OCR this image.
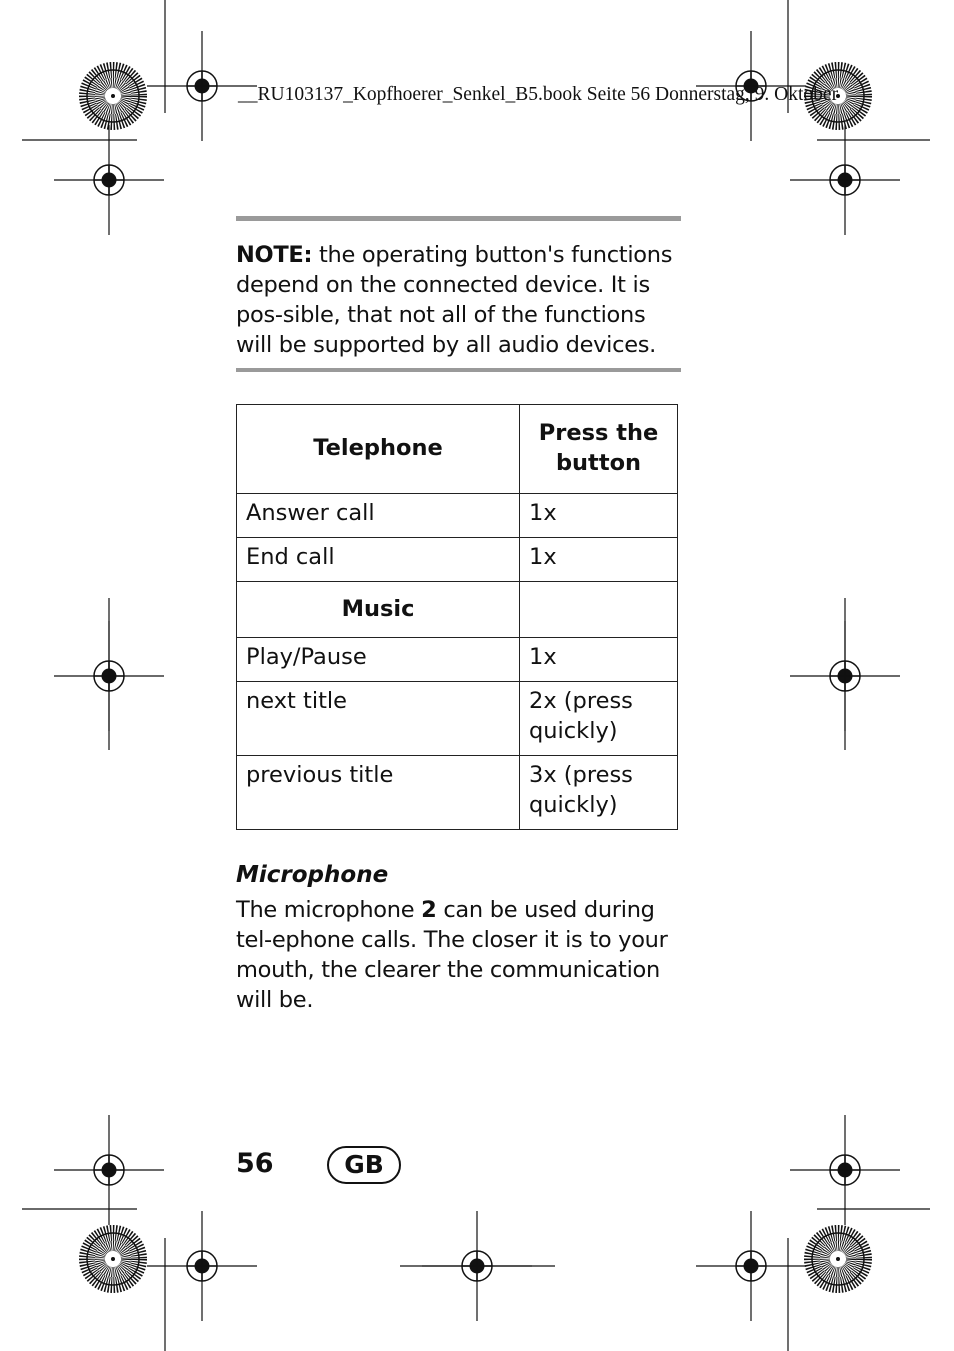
__RU103137_Kopfhoerer_Senkel_B5.book Seite 56 Donnerstag, 9. Oktober
NOTE: the operating button's functions depend on the connected device. It is pos-sible, that not all of the functions will be supported by all audio devices.
Telephone	Press the button
Answer call	1x
End call	1x
Music	
Play/Pause	1x
next title	2x (press quickly)
previous title	3x (press quickly)
Microphone
The microphone 2 can be used during tel-ephone calls. The closer it is to your mouth, the clearer the communication will be.
56	GB
